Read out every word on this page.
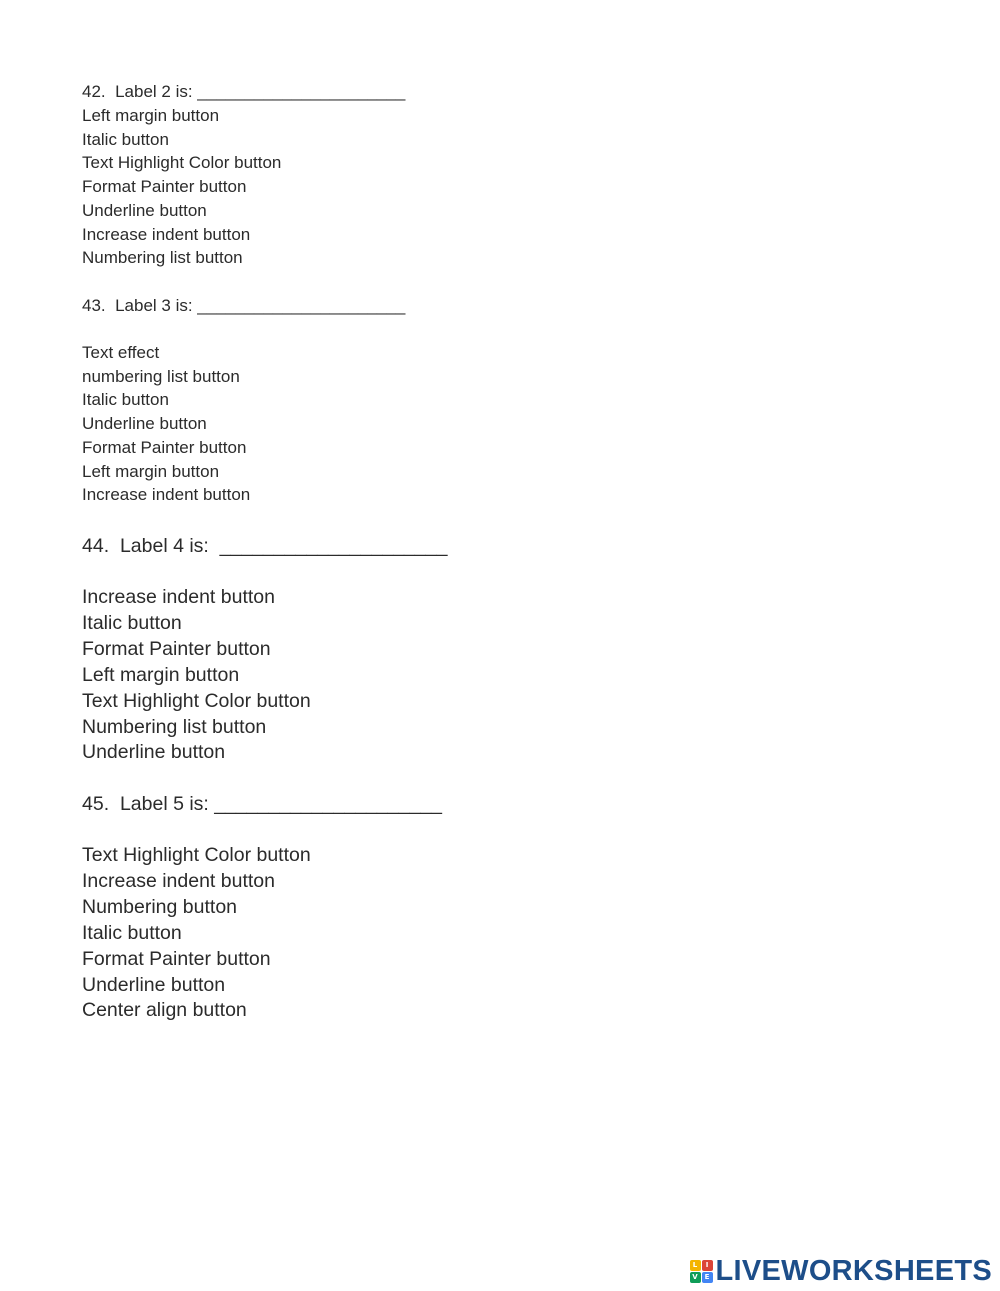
42.  Label 2 is: ______________________

Left margin button
Italic button
Text Highlight Color button
Format Painter button
Underline button
Increase indent button
Numbering list button

43.  Label 3 is: ______________________

Text effect
numbering list button
Italic button
Underline button
Format Painter button
Left margin button
Increase indent button

44.  Label 4 is:  _____________________

Increase indent button
Italic button
Format Painter button
Left margin button
Text Highlight Color button
Numbering list button
Underline button

45.  Label 5 is: _____________________

Text Highlight Color button
Increase indent button
Numbering button
Italic button
Format Painter button
Underline button
Center align button
L	I
V E LIVEWORKSHEETS
